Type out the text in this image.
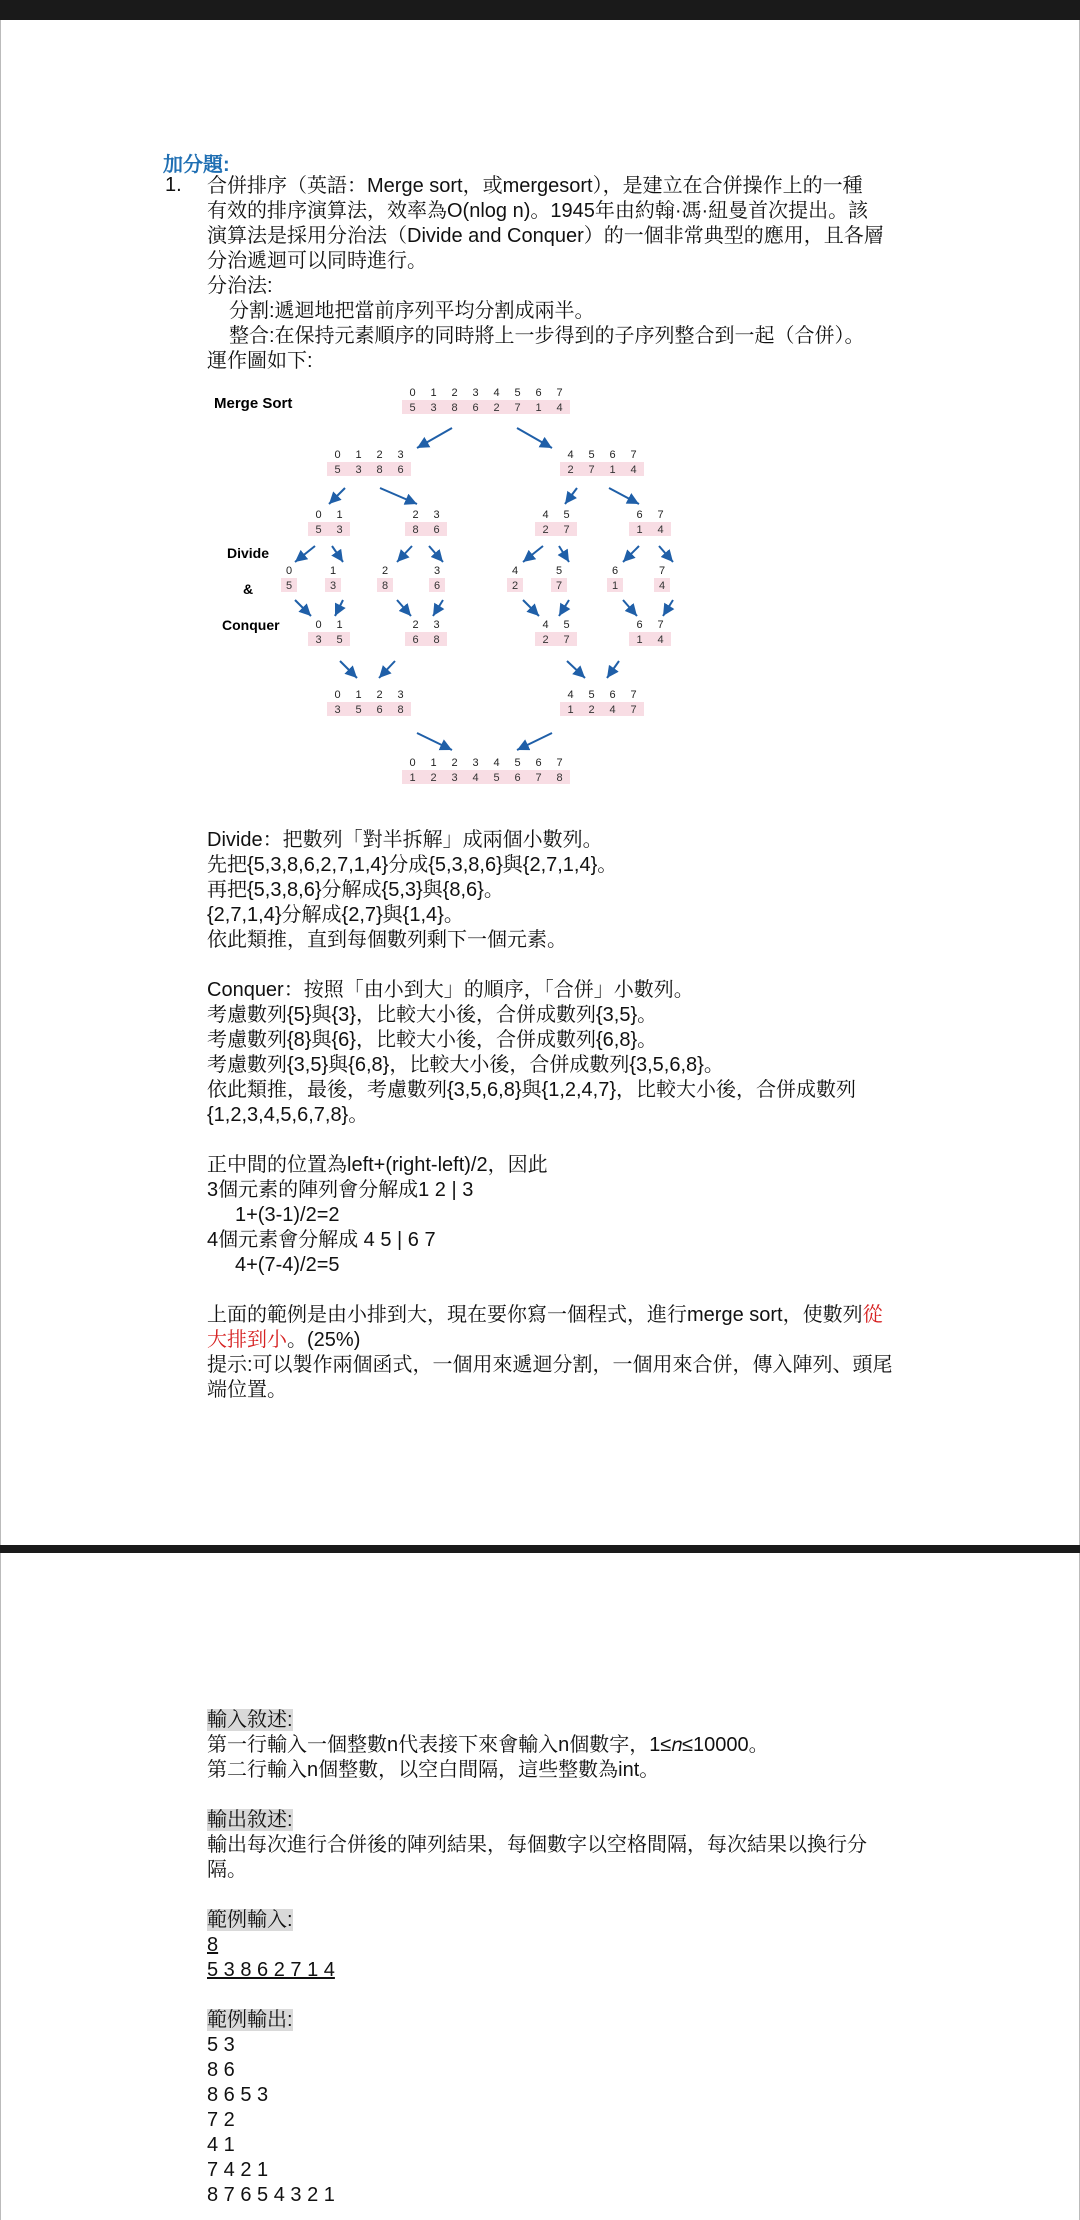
加分題:
1. 合併排序（英語：Merge sort，或mergesort），是建立在合併操作上的一種

有效的排序演算法，效率為O(nlog n)。1945年由約翰·馮·紐曼首次提出。該

演算法是採用分治法（Divide and Conquer）的一個非常典型的應用，且各層

分治遞迴可以同時進行。

分治法:

分割:遞迴地把當前序列平均分割成兩半。

整合:在保持元素順序的同時將上一步得到的子序列整合到一起（合併）。

運作圖如下:

Merge Sort
Divide
&
Conquer
0 1 2 3 4 5 6 7
5 3 8 6 2 7 1 4
0 1 2 3
5 3 8 6
4 5 6 7
2 7 1 4
0 1
5 3
2 3
8 6
4 5
2 7
6 7
1 4
0
5
1
3
2
8
3
6
4
2
5
7
6
1
7
4
0 1
3 5
2 3
6 8
4 5
2 7
6 7
1 4
0 1 2 3
3 5 6 8
4 5 6 7
1 2 4 7
0 1 2 3 4 5 6 7
1 2 3 4 5 6 7 8

Divide：把數列「對半拆解」成兩個小數列。

先把{5,3,8,6,2,7,1,4}分成{5,3,8,6}與{2,7,1,4}。

再把{5,3,8,6}分解成{5,3}與{8,6}。

{2,7,1,4}分解成{2,7}與{1,4}。

依此類推，直到每個數列剩下一個元素。

Conquer：按照「由小到大」的順序，「合併」小數列。

考慮數列{5}與{3}，比較大小後，合併成數列{3,5}。

考慮數列{8}與{6}，比較大小後，合併成數列{6,8}。

考慮數列{3,5}與{6,8}，比較大小後，合併成數列{3,5,6,8}。

依此類推，最後，考慮數列{3,5,6,8}與{1,2,4,7}，比較大小後，合併成數列

{1,2,3,4,5,6,7,8}。

正中間的位置為left+(right-left)/2，因此

3個元素的陣列會分解成1 2 | 3

1+(3-1)/2=2

4個元素會分解成 4 5 | 6 7

4+(7-4)/2=5

上面的範例是由小排到大，現在要你寫一個程式，進行merge sort，使數列從

大排到小。(25%)

提示:可以製作兩個函式，一個用來遞迴分割，一個用來合併，傳入陣列、頭尾

端位置。

輸入敘述:

第一行輸入一個整數n代表接下來會輸入n個數字，1≤𝑛≤10000。

第二行輸入n個整數，以空白間隔，這些整數為int。

輸出敘述:

輸出每次進行合併後的陣列結果，每個數字以空格間隔，每次結果以換行分

隔。

範例輸入:

8

5 3 8 6 2 7 1 4

範例輸出:

5 3

8 6

8 6 5 3

7 2

4 1

7 4 2 1

8 7 6 5 4 3 2 1
